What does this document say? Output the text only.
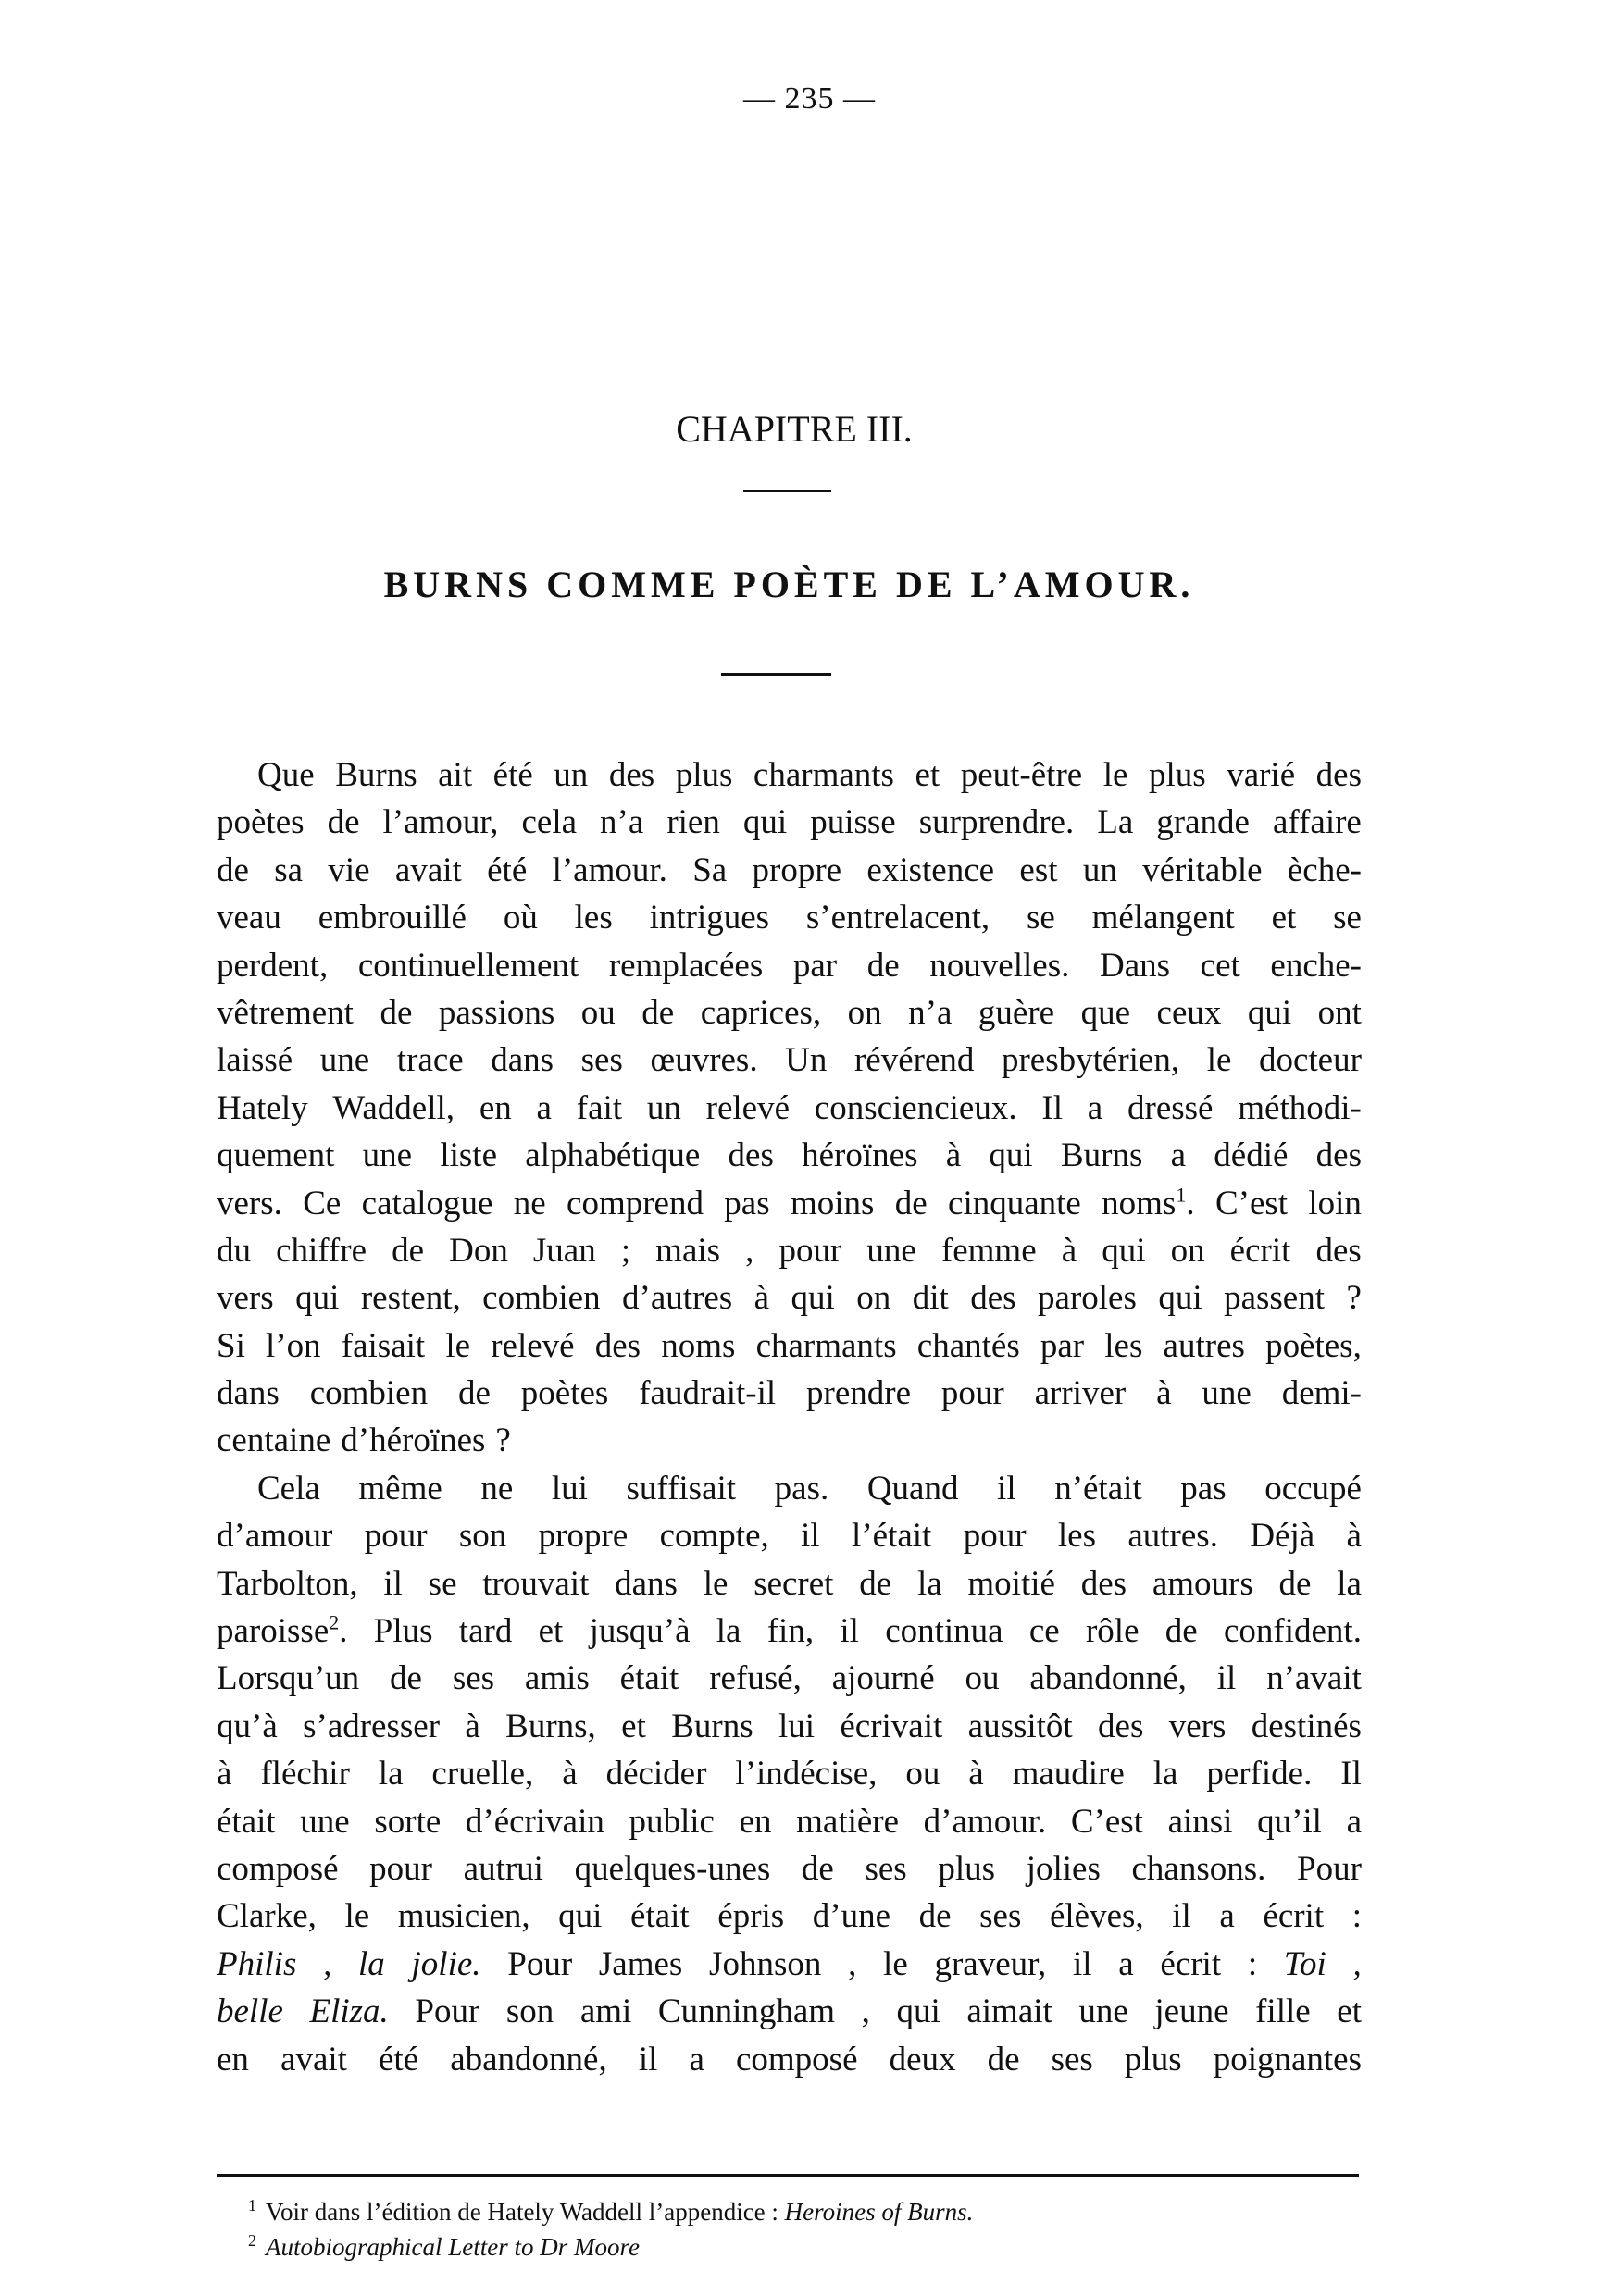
— 235 —
CHAPITRE III.
BURNS COMME POÈTE DE L’AMOUR.
Que Burns ait été un des plus charmants et peut-être le plus varié des
poètes de l’amour, cela n’a rien qui puisse surprendre. La grande affaire
de sa vie avait été l’amour. Sa propre existence est un véritable èche-
veau embrouillé où les intrigues s’entrelacent, se mélangent et se
perdent, continuellement remplacées par de nouvelles. Dans cet enche-
vêtrement de passions ou de caprices, on n’a guère que ceux qui ont
laissé une trace dans ses œuvres. Un révérend presbytérien, le docteur
Hately Waddell, en a fait un relevé consciencieux. Il a dressé méthodi-
quement une liste alphabétique des héroïnes à qui Burns a dédié des
vers. Ce catalogue ne comprend pas moins de cinquante noms$^1$. C’est loin
du chiffre de Don Juan ; mais , pour une femme à qui on écrit des
vers qui restent, combien d’autres à qui on dit des paroles qui passent ?
Si l’on faisait le relevé des noms charmants chantés par les autres poètes,
dans combien de poètes faudrait-il prendre pour arriver à une demi-
centaine d’héroïnes ?
Cela même ne lui suffisait pas. Quand il n’était pas occupé
d’amour pour son propre compte, il l’était pour les autres. Déjà à
Tarbolton, il se trouvait dans le secret de la moitié des amours de la
paroisse$^2$. Plus tard et jusqu’à la fin, il continua ce rôle de confident.
Lorsqu’un de ses amis était refusé, ajourné ou abandonné, il n’avait
qu’à s’adresser à Burns, et Burns lui écrivait aussitôt des vers destinés
à fléchir la cruelle, à décider l’indécise, ou à maudire la perfide. Il
était une sorte d’écrivain public en matière d’amour. C’est ainsi qu’il a
composé pour autrui quelques-unes de ses plus jolies chansons. Pour
Clarke, le musicien, qui était épris d’une de ses élèves, il a écrit :
Philis , la jolie. Pour James Johnson , le graveur, il a écrit : Toi ,
belle Eliza. Pour son ami Cunningham , qui aimait une jeune fille et
en avait été abandonné, il a composé deux de ses plus poignantes
$^1$ Voir dans l’édition de Hately Waddell l’appendice : Heroines of Burns.
$^2$ Autobiographical Letter to Dr Moore
